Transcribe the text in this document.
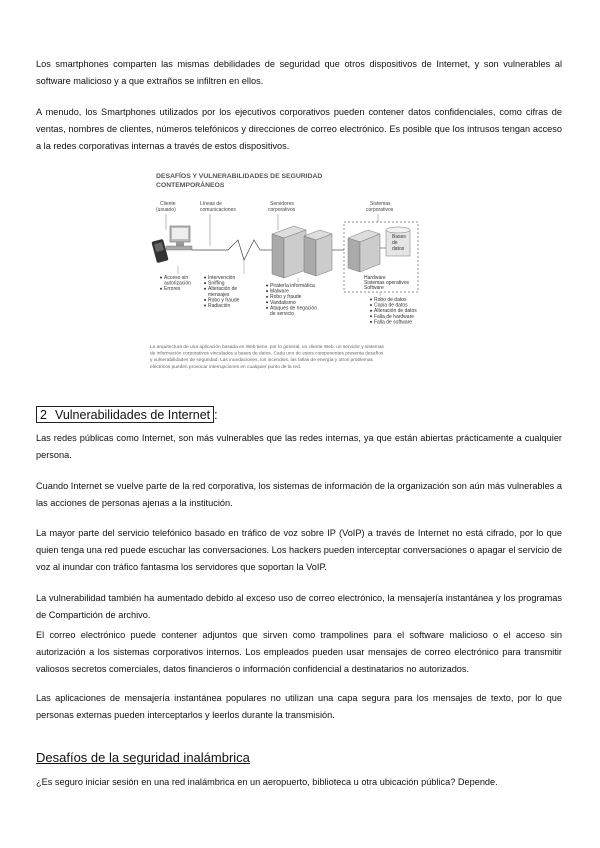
Los smartphones comparten las mismas debilidades de seguridad que otros dispositivos de Internet, y son vulnerables al software malicioso y a que extraños se infiltren en ellos.

A menudo, los Smartphones utilizados por los ejecutivos corporativos pueden contener datos confidenciales, como cifras de ventas, nombres de clientes, números telefónicos y direcciones de correo electrónico. Es posible que los intrusos tengan acceso a la redes corporativas internas a través de estos dispositivos.

DESAFÍOS Y VULNERABILIDADES DE SEGURIDAD
CONTEMPORÁNEOS
Cliente
(usuario)
Líneas de
comunicaciones
Servidores
corporativos
Sistemas
corporativos
Bases
de
datos
Hardware
Sistemas operativos
Software
Acceso sin
autorización
Errores
Intervención
Sniffing
Alteración de
mensajes
Robo y fraude
Radiación
Piratería informática
Malware
Robo y fraude
Vandalismo
Ataques de negación
de servicio
Robo de datos
Copia de datos
Alteración de datos
Falla de hardware
Falla de software
La arquitectura de una aplicación basada en Web tiene, por lo general, un cliente Web, un servidor y sistemas
de información corporativos vinculados a bases de datos. Cada uno de estos componentes presenta desafíos
y vulnerabilidades de seguridad. Las inundaciones, los incendios, las fallas de energía y otros problemas
eléctricos pueden provocar interrupciones en cualquier punto de la red.
2 Vulnerabilidades de Internet :

Las redes públicas como Internet, son más vulnerables que las redes internas, ya que están abiertas prácticamente a cualquier persona.

Cuando Internet se vuelve parte de la red corporativa, los sistemas de información de la organización son aún más vulnerables a las acciones de personas ajenas a la institución.

La mayor parte del servicio telefónico basado en tráfico de voz sobre IP (VoIP) a través de Internet no está cifrado, por lo que quien tenga una red puede escuchar las conversaciones. Los hackers pueden interceptar conversaciones o apagar el servicio de voz al inundar con tráfico fantasma los servidores que soportan la VoIP.

La vulnerabilidad también ha aumentado debido al exceso uso de correo electrónico, la mensajería instantánea y los programas de Compartición de archivo.

El correo electrónico puede contener adjuntos que sirven como trampolines para el software malicioso o el acceso sin autorización a los sistemas corporativos internos. Los empleados pueden usar mensajes de correo electrónico para transmitir valiosos secretos comerciales, datos financieros o información confidencial a destinatarios no autorizados.

Las aplicaciones de mensajería instantánea populares no utilizan una capa segura para los mensajes de texto, por lo que personas externas pueden interceptarlos y leerlos durante la transmisión.

Desafíos de la seguridad inalámbrica

¿Es seguro iniciar sesión en una red inalámbrica en un aeropuerto, biblioteca u otra ubicación pública? Depende.
